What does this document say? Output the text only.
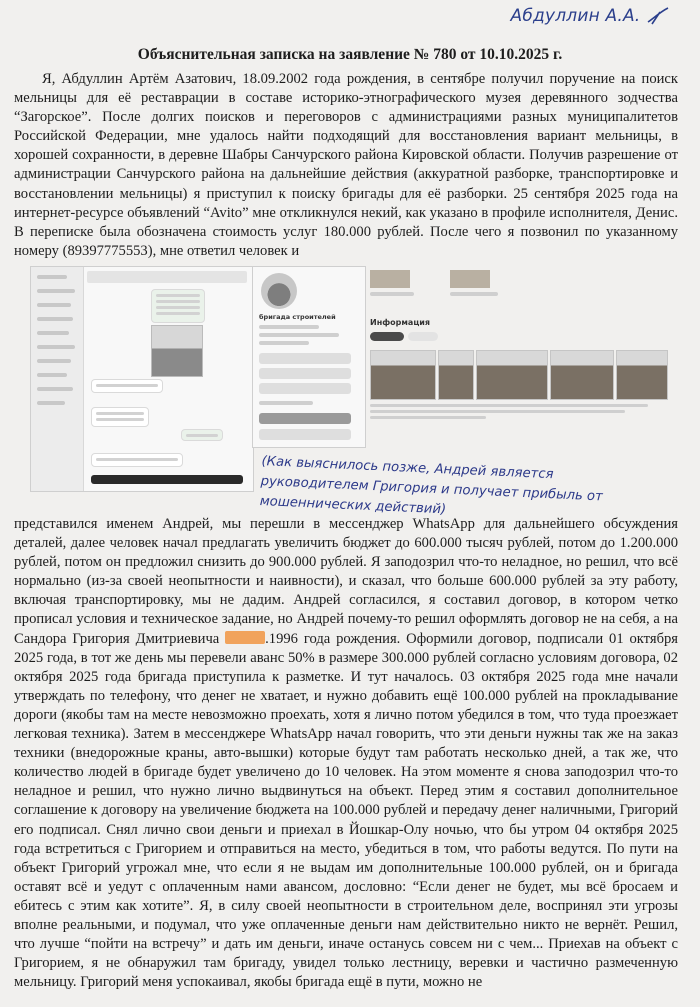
Абдуллин А.А.
Объяснительная записка на заявление № 780 от 10.10.2025 г.

Я, Абдуллин Артём Азатович, 18.09.2002 года рождения, в сентябре получил поручение на поиск мельницы для её реставрации в составе историко-этнографического музея деревянного зодчества “Загорское”. После долгих поисков и переговоров с администрациями разных муниципалитетов Российской Федерации, мне удалось найти подходящий для восстановления вариант мельницы, в хорошей сохранности, в деревне Шабры Санчурского района Кировской области. Получив разрешение от администрации Санчурского района на дальнейшие действия (аккуратной разборке, транспортировке и восстановлении мельницы) я приступил к поиску бригады для её разборки. 25 сентября 2025 года на интернет-ресурсе объявлений “Avito” мне откликнулся некий, как указано в профиле исполнителя, Денис. В переписке была обозначена стоимость услуг 180.000 рублей. После чего я позвонил по указанному номеру (89397775553), мне ответил человек и

бригада строителей
Информация
(Как выяснилось позже, Андрей является руководителем Григория и получает прибыль от мошеннических действий)

представился именем Андрей, мы перешли в мессенджер WhatsApp для дальнейшего обсуждения деталей, далее человек начал предлагать увеличить бюджет до 600.000 тысяч рублей, потом до 1.200.000 рублей, потом он предложил снизить до 900.000 рублей. Я заподозрил что-то неладное, но решил, что всё нормально (из-за своей неопытности и наивности), и сказал, что больше 600.000 рублей за эту работу, включая транспортировку, мы не дадим. Андрей согласился, я составил договор, в котором четко прописал условия и техническое задание, но Андрей почему-то решил оформлять договор не на себя, а на Сандора Григория Дмитриевича	.1996 года рождения. Оформили договор, подписали 01 октября 2025 года, в тот же день мы перевели аванс 50% в размере 300.000 рублей согласно условиям договора, 02 октября 2025 года бригада приступила к разметке. И тут началось. 03 октября 2025 года мне начали утверждать по телефону, что денег не хватает, и нужно добавить ещё 100.000 рублей на прокладывание дороги (якобы там на месте невозможно проехать, хотя я лично потом убедился в том, что туда проезжает легковая техника). Затем в мессенджере WhatsApp начал говорить, что эти деньги нужны так же на заказ техники (внедорожные краны, авто-вышки) которые будут там работать несколько дней, а так же, что количество людей в бригаде будет увеличено до 10 человек. На этом моменте я снова заподозрил что-то неладное и решил, что нужно лично выдвинуться на объект. Перед этим я составил дополнительное соглашение к договору на увеличение бюджета на 100.000 рублей и передачу денег наличными, Григорий его подписал. Снял лично свои деньги и приехал в Йошкар-Олу ночью, что бы утром 04 октября 2025 года встретиться с Григорием и отправиться на место, убедиться в том, что работы ведутся. По пути на объект Григорий угрожал мне, что если я не выдам им дополнительные 100.000 рублей, он и бригада оставят всё и уедут с оплаченным нами авансом, дословно: “Если денег не будет, мы всё бросаем и ебитесь с этим как хотите”. Я, в силу своей неопытности в строительном деле, воспринял эти угрозы вполне реальными, и подумал, что уже оплаченные деньги нам действительно никто не вернёт. Решил, что лучше “пойти на встречу” и дать им деньги, иначе останусь совсем ни с чем... Приехав на объект с Григорием, я не обнаружил там бригаду, увидел только лестницу, веревки и частично размеченную мельницу. Григорий меня успокаивал, якобы бригада ещё в пути, можно не
